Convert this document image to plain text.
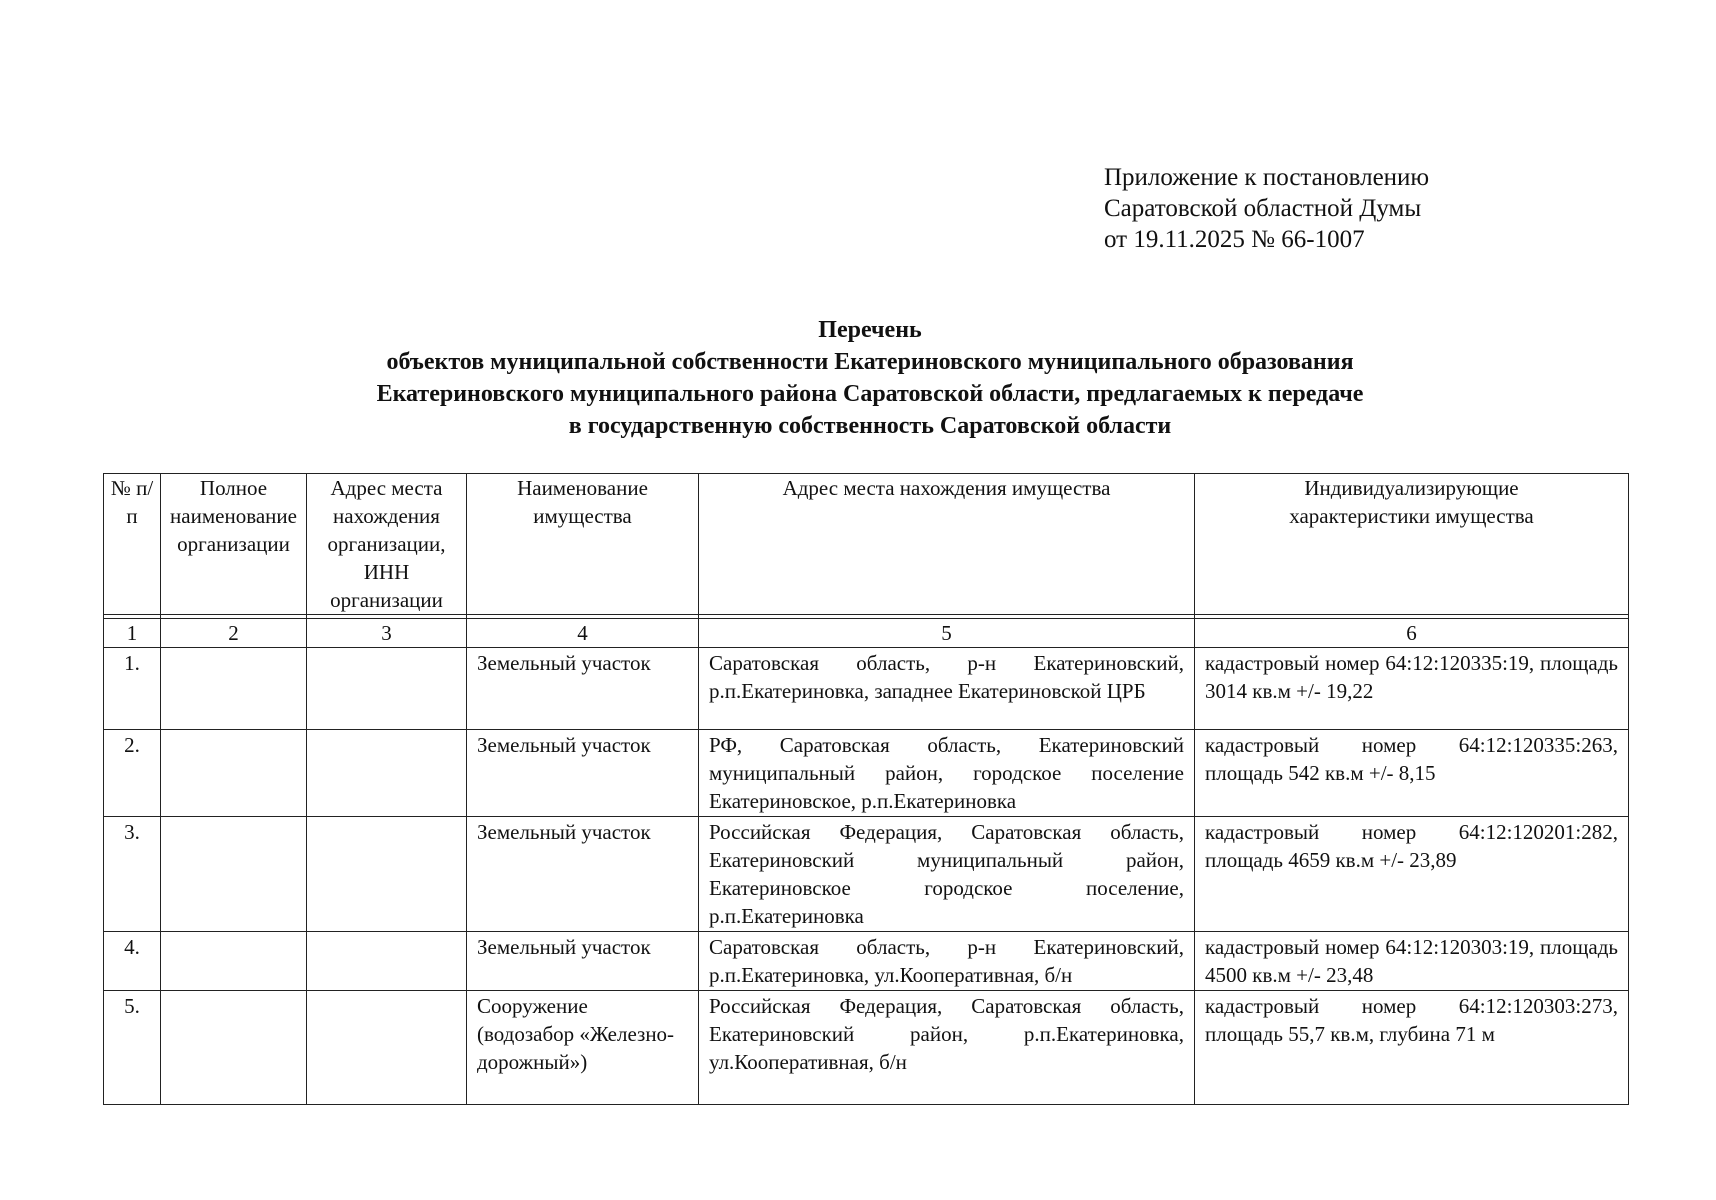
Приложение к постановлению
Саратовской областной Думы
от 19.11.2025 № 66-1007
Перечень
объектов муниципальной собственности Екатериновского муниципального образования
Екатериновского муниципального района Саратовской области, предлагаемых к передаче
в государственную собственность Саратовской области
№ п/п	Полное наименование организации	Адрес места нахождения организации, ИНН организации	Наименование имущества	Адрес места нахождения имущества	Индивидуализирующие характеристики имущества

1	2	3	4	5	6
1.			Земельный участок	Саратовская область, р-н Екатериновский, р.п.Екатериновка, западнее Екатериновской ЦРБ	кадастровый номер 64:12:120335:19, площадь 3014 кв.м +/- 19,22
2.			Земельный участок	РФ, Саратовская область, Екатериновский муниципальный район, городское поселение Екатериновское, р.п.Екатериновка	кадастровый номер 64:12:120335:263, площадь 542 кв.м +/- 8,15
3.			Земельный участок	Российская Федерация, Саратовская область, Екатериновский муниципальный район, Екатериновское городское поселение, р.п.Екатериновка	кадастровый номер 64:12:120201:282, площадь 4659 кв.м +/- 23,89
4.			Земельный участок	Саратовская область, р-н Екатериновский, р.п.Екатериновка, ул.Кооперативная, б/н	кадастровый номер 64:12:120303:19, площадь 4500 кв.м +/- 23,48
5.			Сооружение (водозабор «Железно-дорожный»)	Российская Федерация, Саратовская область, Екатериновский район, р.п.Екатериновка, ул.Кооперативная, б/н	кадастровый номер 64:12:120303:273, площадь 55,7 кв.м, глубина 71 м
